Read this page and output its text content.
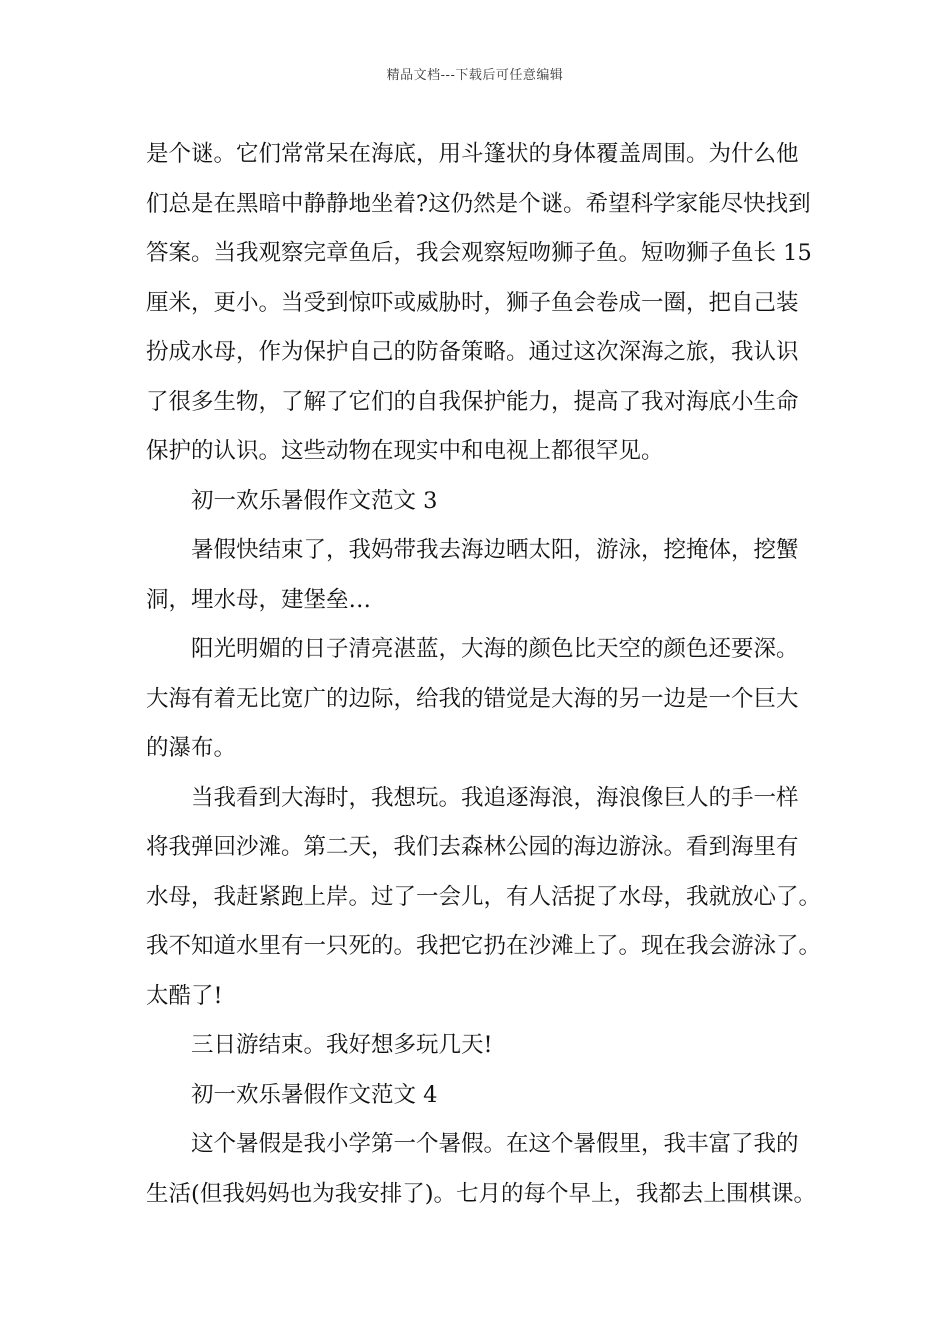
精品文档---下载后可任意编辑
是个谜。它们常常呆在海底，用斗篷状的身体覆盖周围。为什么他
们总是在黑暗中静静地坐着?这仍然是个谜。希望科学家能尽快找到
答案。当我观察完章鱼后，我会观察短吻狮子鱼。短吻狮子鱼长 15
厘米，更小。当受到惊吓或威胁时，狮子鱼会卷成一圈，把自己装
扮成水母，作为保护自己的防备策略。通过这次深海之旅，我认识
了很多生物，了解了它们的自我保护能力，提高了我对海底小生命
保护的认识。这些动物在现实中和电视上都很罕见。
初一欢乐暑假作文范文 3
暑假快结束了，我妈带我去海边晒太阳，游泳，挖掩体，挖蟹
洞，埋水母，建堡垒…
阳光明媚的日子清亮湛蓝，大海的颜色比天空的颜色还要深。
大海有着无比宽广的边际，给我的错觉是大海的另一边是一个巨大
的瀑布。
当我看到大海时，我想玩。我追逐海浪，海浪像巨人的手一样
将我弹回沙滩。第二天，我们去森林公园的海边游泳。看到海里有
水母，我赶紧跑上岸。过了一会儿，有人活捉了水母，我就放心了。
我不知道水里有一只死的。我把它扔在沙滩上了。现在我会游泳了。
太酷了!
三日游结束。我好想多玩几天!
初一欢乐暑假作文范文 4
这个暑假是我小学第一个暑假。在这个暑假里，我丰富了我的
生活(但我妈妈也为我安排了)。七月的每个早上，我都去上围棋课。
